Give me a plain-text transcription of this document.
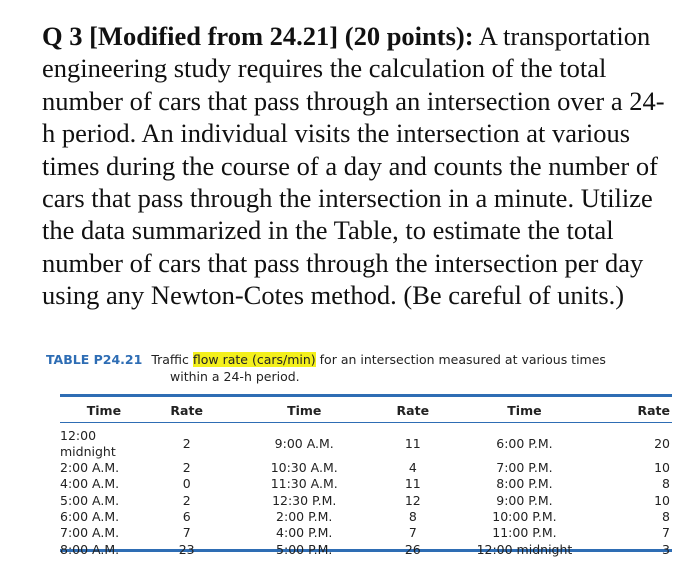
Q 3 [Modified from 24.21] (20 points): A transportation engineering study requires the calculation of the total number of cars that pass through an intersection over a 24-h period. An individual visits the intersection at various times during the course of a day and counts the number of cars that pass through the intersection in a minute. Utilize the data summarized in the Table, to estimate the total number of cars that pass through the intersection per day using any Newton-Cotes method. (Be careful of units.)
TABLE P24.21 Traffic flow rate (cars/min) for an intersection measured at various times
within a 24-h period.
Time	Rate	Time	Rate	Time	Rate
12:00 midnight	2	9:00 A.M.	11	6:00 P.M.	20
2:00 A.M.	2	10:30 A.M.	4	7:00 P.M.	10
4:00 A.M.	0	11:30 A.M.	11	8:00 P.M.	8
5:00 A.M.	2	12:30 P.M.	12	9:00 P.M.	10
6:00 A.M.	6	2:00 P.M.	8	10:00 P.M.	8
7:00 A.M.	7	4:00 P.M.	7	11:00 P.M.	7
8:00 A.M.	23	5:00 P.M.	26	12:00 midnight	3
